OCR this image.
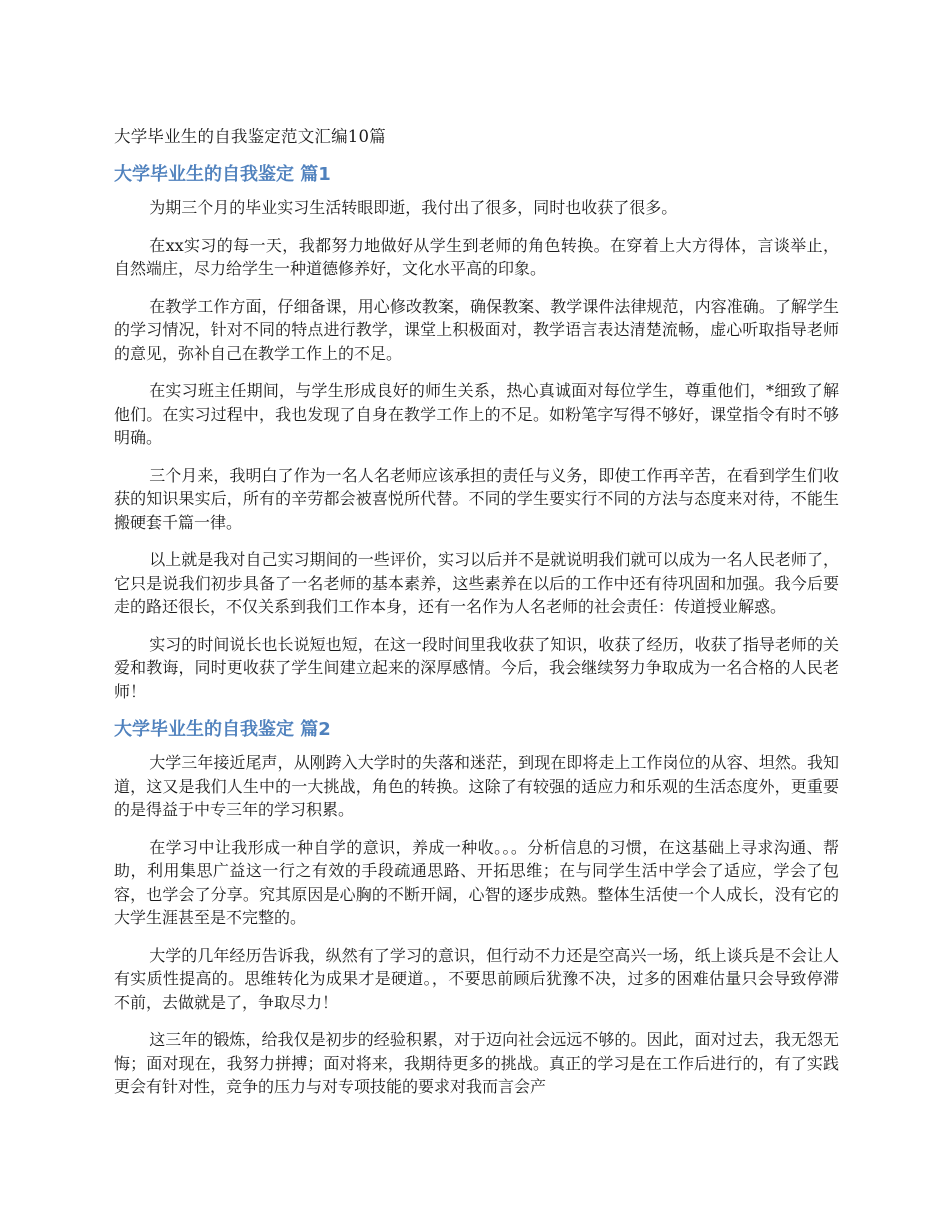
大学毕业生的自我鉴定范文汇编10篇
大学毕业生的自我鉴定 篇1

为期三个月的毕业实习生活转眼即逝，我付出了很多，同时也收获了很多。

在xx实习的每一天，我都努力地做好从学生到老师的角色转换。在穿着上大方得体，言谈举止，自然端庄，尽力给学生一种道德修养好，文化水平高的印象。

在教学工作方面，仔细备课，用心修改教案，确保教案、教学课件法律规范，内容准确。了解学生的学习情况，针对不同的特点进行教学，课堂上积极面对，教学语言表达清楚流畅，虚心听取指导老师的意见，弥补自己在教学工作上的不足。

在实习班主任期间，与学生形成良好的师生关系，热心真诚面对每位学生，尊重他们，*细致了解他们。在实习过程中，我也发现了自身在教学工作上的不足。如粉笔字写得不够好，课堂指令有时不够明确。

三个月来，我明白了作为一名人名老师应该承担的责任与义务，即使工作再辛苦，在看到学生们收获的知识果实后，所有的辛劳都会被喜悦所代替。不同的学生要实行不同的方法与态度来对待，不能生搬硬套千篇一律。

以上就是我对自己实习期间的一些评价，实习以后并不是就说明我们就可以成为一名人民老师了，它只是说我们初步具备了一名老师的基本素养，这些素养在以后的工作中还有待巩固和加强。我今后要走的路还很长，不仅关系到我们工作本身，还有一名作为人名老师的社会责任：传道授业解惑。

实习的时间说长也长说短也短，在这一段时间里我收获了知识，收获了经历，收获了指导老师的关爱和教诲，同时更收获了学生间建立起来的深厚感情。今后，我会继续努力争取成为一名合格的人民老师！

大学毕业生的自我鉴定 篇2

大学三年接近尾声，从刚跨入大学时的失落和迷茫，到现在即将走上工作岗位的从容、坦然。我知道，这又是我们人生中的一大挑战，角色的转换。这除了有较强的适应力和乐观的生活态度外，更重要的是得益于中专三年的学习积累。

在学习中让我形成一种自学的意识，养成一种收。。。分析信息的习惯，在这基础上寻求沟通、帮助，利用集思广益这一行之有效的手段疏通思路、开拓思维；在与同学生活中学会了适应，学会了包容，也学会了分享。究其原因是心胸的不断开阔，心智的逐步成熟。整体生活使一个人成长，没有它的大学生涯甚至是不完整的。

大学的几年经历告诉我，纵然有了学习的意识，但行动不力还是空高兴一场，纸上谈兵是不会让人有实质性提高的。思维转化为成果才是硬道。，不要思前顾后犹豫不决，过多的困难估量只会导致停滞不前，去做就是了，争取尽力！

这三年的锻炼，给我仅是初步的经验积累，对于迈向社会远远不够的。因此，面对过去，我无怨无悔；面对现在，我努力拼搏；面对将来，我期待更多的挑战。真正的学习是在工作后进行的，有了实践更会有针对性，竞争的压力与对专项技能的要求对我而言会产
